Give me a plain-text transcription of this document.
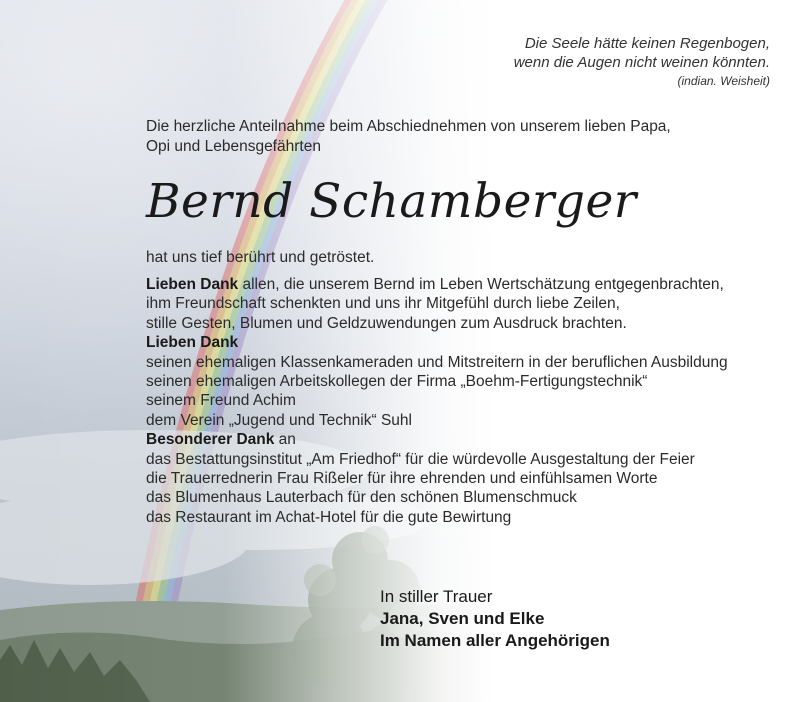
Die Seele hätte keinen Regenbogen,
wenn die Augen nicht weinen könnten.
(indian. Weisheit)
Die herzliche Anteilnahme beim Abschiednehmen von unserem lieben Papa,
Opi und Lebensgefährten
Bernd Schamberger
hat uns tief berührt und getröstet.
Lieben Dank allen, die unserem Bernd im Leben Wertschätzung entgegenbrachten,
ihm Freundschaft schenkten und uns ihr Mitgefühl durch liebe Zeilen,
stille Gesten, Blumen und Geldzuwendungen zum Ausdruck brachten.
Lieben Dank
seinen ehemaligen Klassenkameraden und Mitstreitern in der beruflichen Ausbildung
seinen ehemaligen Arbeitskollegen der Firma „Boehm-Fertigungstechnik“
seinem Freund Achim
dem Verein „Jugend und Technik“ Suhl
Besonderer Dank an
das Bestattungsinstitut „Am Friedhof“ für die würdevolle Ausgestaltung der Feier
die Trauerrednerin Frau Rißeler für ihre ehrenden und einfühlsamen Worte
das Blumenhaus Lauterbach für den schönen Blumenschmuck
das Restaurant im Achat-Hotel für die gute Bewirtung
In stiller Trauer
Jana, Sven und Elke
Im Namen aller Angehörigen
